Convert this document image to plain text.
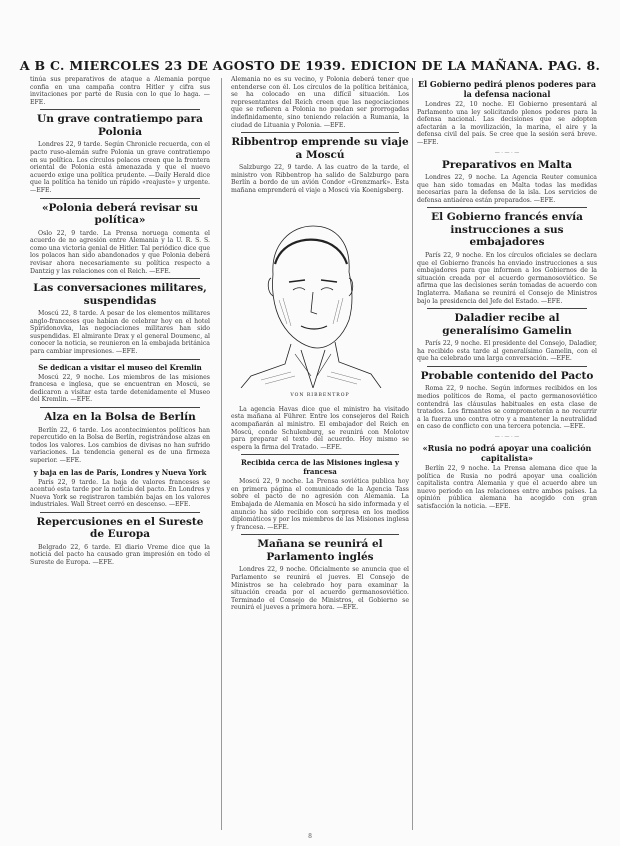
A B C. MIERCOLES 23 DE AGOSTO DE 1939. EDICION DE LA MAÑANA. PAG. 8.

tinúa sus preparativos de ataque a Alemania porque confia en una campaña contra Hitler y cifra sus invitaciones por parte de Rusia con lo que lo haga. —EFE.

Un grave contratiempo para Polonia

Londres 22, 9 tarde. Según Chronicle recuerda, con el pacto ruso-alemán sufre Polonia un grave contratiempo en su política. Los círculos polacos creen que la frontera oriental de Polonia está amenazada y que el nuevo acuerdo exige una política prudente. —Daily Herald dice que la política ha tenido un rápido «reajuste» y urgente. —EFE.

«Polonia deberá revisar su política»

Oslo 22, 9 tarde. La Prensa noruega comenta el acuerdo de no agresión entre Alemania y la U. R. S. S. como una victoria genial de Hitler. Tal periódico dice que los polacos han sido abandonados y que Polonia deberá revisar ahora necesariamente su política respecto a Dantzig y las relaciones con el Reich. —EFE.

Las conversaciones militares, suspendidas

Moscú 22, 8 tarde. A pesar de los elementos militares anglo-franceses que habían de celebrar hoy en el hotel Spiridonovka, las negociaciones militares han sido suspendidas. El almirante Drax y el general Doumenc, al conocer la noticia, se reunieron en la embajada británica para cambiar impresiones. —EFE.

Se dedican a visitar el museo del Kremlin

Moscú 22, 9 noche. Los miembros de las misiones francesa e inglesa, que se encuentran en Moscú, se dedicaron a visitar esta tarde detenidamente el Museo del Kremlin. —EFE.

Alza en la Bolsa de Berlín

Berlín 22, 6 tarde. Los acontecimientos políticos han repercutido en la Bolsa de Berlín, registrándose alzas en todos los valores. Los cambios de divisas no han sufrido variaciones. La tendencia general es de una firmeza superior. —EFE.

y baja en las de París, Londres y Nueva York

París 22, 9 tarde. La baja de valores franceses se acentuó esta tarde por la noticia del pacto. En Londres y Nueva York se registraron también bajas en los valores industriales. Wall Street cerró en descenso. —EFE.

Repercusiones en el Sureste de Europa

Belgrado 22, 6 tarde. El diario Vreme dice que la noticia del pacto ha causado gran impresión en todo el Sureste de Europa. —EFE.

Alemania no es su vecino, y Polonia deberá tener que entenderse con él. Los círculos de la política británica, se ha colocado en una difícil situación. Los representantes del Reich creen que las negociaciones que se refieren a Polonia no puedan ser prorrogadas indefinidamente, sino teniendo relación a Rumania, la ciudad de Lituania y Polonia. —EFE.

Ribbentrop emprende su viaje a Moscú

Salzburgo 22, 9 tarde. A las cuatro de la tarde, el ministro von Ribbentrop ha salido de Salzburgo para Berlín a bordo de un avión Condor «Grenzmark». Esta mañana emprenderá el viaje a Moscú vía Koenigsberg.

VON RIBBENTROP

La agencia Havas dice que el ministro ha visitado esta mañana al Führer. Entre los consejeros del Reich acompañarán al ministro. El embajador del Reich en Moscú, conde Schulenburg, se reunirá con Molotov para preparar el texto del acuerdo. Hoy mismo se espera la firma del Tratado. —EFE.

Recibida cerca de las Misiones inglesa y francesa

Moscú 22, 9 noche. La Prensa soviética publica hoy en primera página el comunicado de la Agencia Tass sobre el pacto de no agresión con Alemania. La Embajada de Alemania en Moscú ha sido informada y el anuncio ha sido recibido con sorpresa en los medios diplomáticos y por los miembros de las Misiones inglesa y francesa. —EFE.

Mañana se reunirá el Parlamento inglés

Londres 22, 9 noche. Oficialmente se anuncia que el Parlamento se reunirá el jueves. El Consejo de Ministros se ha celebrado hoy para examinar la situación creada por el acuerdo germanosoviético. Terminado el Consejo de Ministros, el Gobierno se reunirá el jueves a primera hora. —EFE.

El Gobierno pedirá plenos poderes para la defensa nacional

Londres 22, 10 noche. El Gobierno presentará al Parlamento una ley solicitando plenos poderes para la defensa nacional. Las decisiones que se adopten afectarán a la movilización, la marina, el aire y la defensa civil del país. Se cree que la sesión será breve. —EFE.

— · — · —
Preparativos en Malta

Londres 22, 9 noche. La Agencia Reuter comunica que han sido tomadas en Malta todas las medidas necesarias para la defensa de la isla. Los servicios de defensa antiaérea están preparados. —EFE.

El Gobierno francés envía instrucciones a sus embajadores

París 22, 9 noche. En los círculos oficiales se declara que el Gobierno francés ha enviado instrucciones a sus embajadores para que informen a los Gobiernos de la situación creada por el acuerdo germanosoviético. Se afirma que las decisiones serán tomadas de acuerdo con Inglaterra. Mañana se reunirá el Consejo de Ministros bajo la presidencia del Jefe del Estado. —EFE.

Daladier recibe al generalísimo Gamelin

París 22, 9 noche. El presidente del Consejo, Daladier, ha recibido esta tarde al generalísimo Gamelin, con el que ha celebrado una larga conversación. —EFE.

Probable contenido del Pacto

Roma 22, 9 noche. Según informes recibidos en los medios políticos de Roma, el pacto germanosoviético contendrá las cláusulas habituales en esta clase de tratados. Los firmantes se comprometerán a no recurrir a la fuerza uno contra otro y a mantener la neutralidad en caso de conflicto con una tercera potencia. —EFE.

— · — · —
«Rusia no podrá apoyar una coalición capitalista»

Berlín 22, 9 noche. La Prensa alemana dice que la política de Rusia no podrá apoyar una coalición capitalista contra Alemania y que el acuerdo abre un nuevo periodo en las relaciones entre ambos países. La opinión pública alemana ha acogido con gran satisfacción la noticia. —EFE.

8
